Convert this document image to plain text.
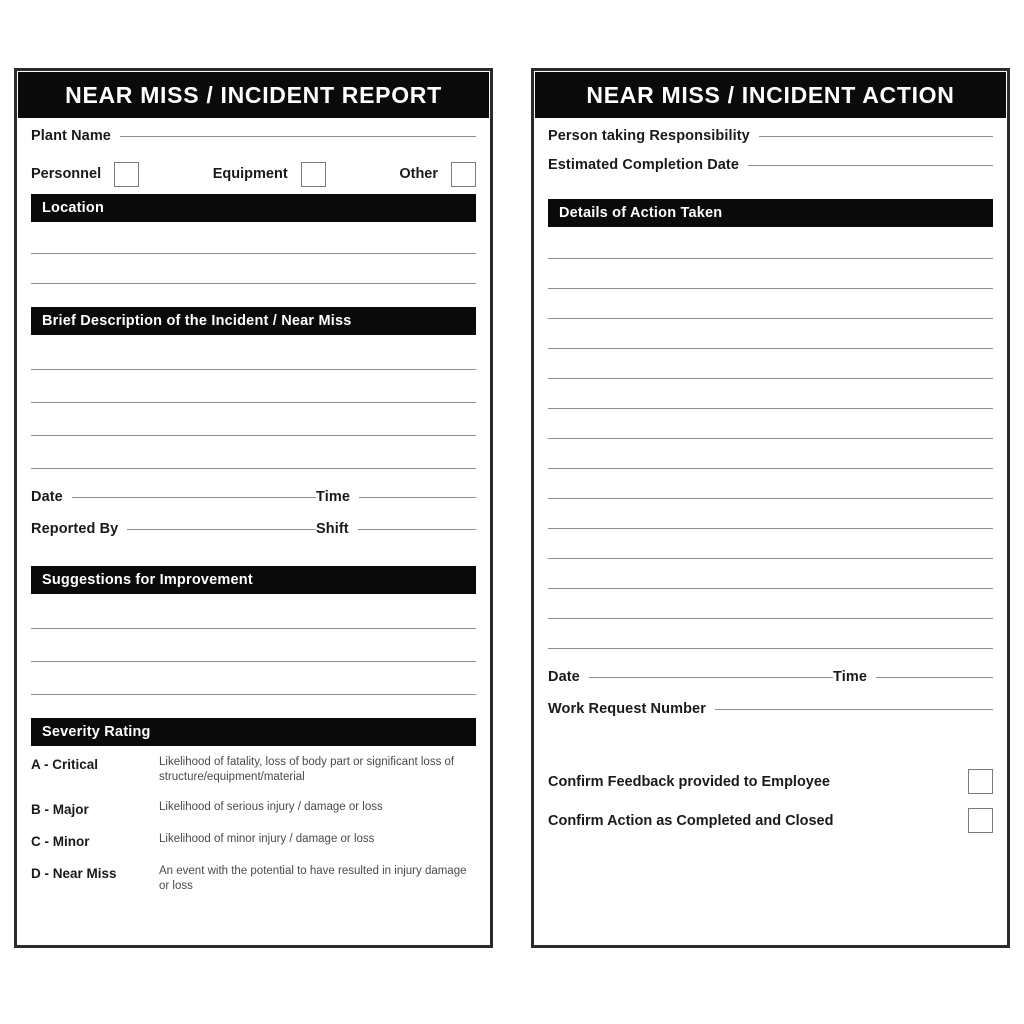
NEAR MISS / INCIDENT REPORT
Plant Name
Personnel	Equipment	Other
Location
Brief Description of the Incident / Near Miss
Date	Time
Reported By	Shift
Suggestions for Improvement
Severity Rating
A - Critical	Likelihood of fatality, loss of body part or significant loss of structure/equipment/material
B - Major	Likelihood of serious injury / damage or loss
C - Minor	Likelihood of minor injury / damage or loss
D - Near Miss	An event with the potential to have resulted in injury damage or loss
NEAR MISS / INCIDENT ACTION
Person taking Responsibility
Estimated Completion Date
Details of Action Taken
Date	Time
Work Request Number
Confirm Feedback provided to Employee
Confirm Action as Completed and Closed
